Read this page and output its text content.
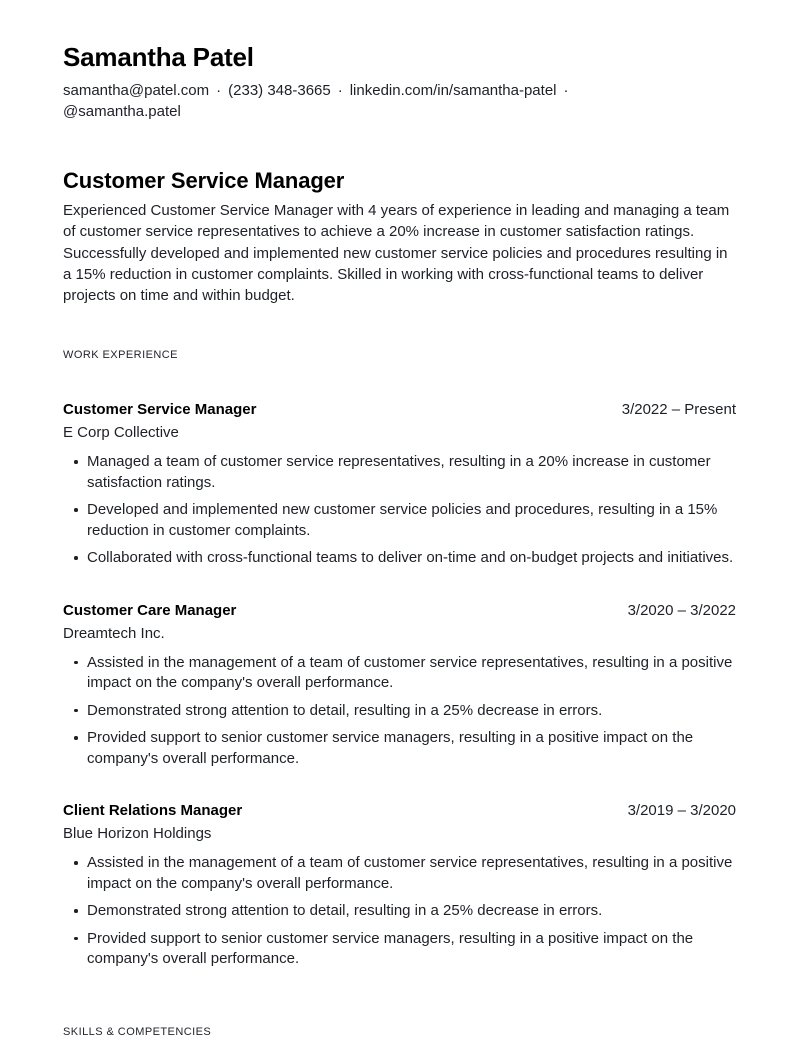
Samantha Patel

samantha@patel.com · (233) 348-3665 · linkedin.com/in/samantha-patel ·@samantha.patel

Customer Service Manager

Experienced Customer Service Manager with 4 years of experience in leading and managing a team of customer service representatives to achieve a 20% increase in customer satisfaction ratings. Successfully developed and implemented new customer service policies and procedures resulting in a 15% reduction in customer complaints. Skilled in working with cross-functional teams to deliver projects on time and within budget.

WORK EXPERIENCE
Customer Service Manager	3/2022 – Present
E Corp Collective
Managed a team of customer service representatives, resulting in a 20% increase in customer satisfaction ratings.
Developed and implemented new customer service policies and procedures, resulting in a 15% reduction in customer complaints.
Collaborated with cross-functional teams to deliver on-time and on-budget projects and initiatives.
Customer Care Manager	3/2020 – 3/2022
Dreamtech Inc.
Assisted in the management of a team of customer service representatives, resulting in a positive impact on the company's overall performance.
Demonstrated strong attention to detail, resulting in a 25% decrease in errors.
Provided support to senior customer service managers, resulting in a positive impact on the company's overall performance.
Client Relations Manager	3/2019 – 3/2020
Blue Horizon Holdings
Assisted in the management of a team of customer service representatives, resulting in a positive impact on the company's overall performance.
Demonstrated strong attention to detail, resulting in a 25% decrease in errors.
Provided support to senior customer service managers, resulting in a positive impact on the company's overall performance.
SKILLS & COMPETENCIES
